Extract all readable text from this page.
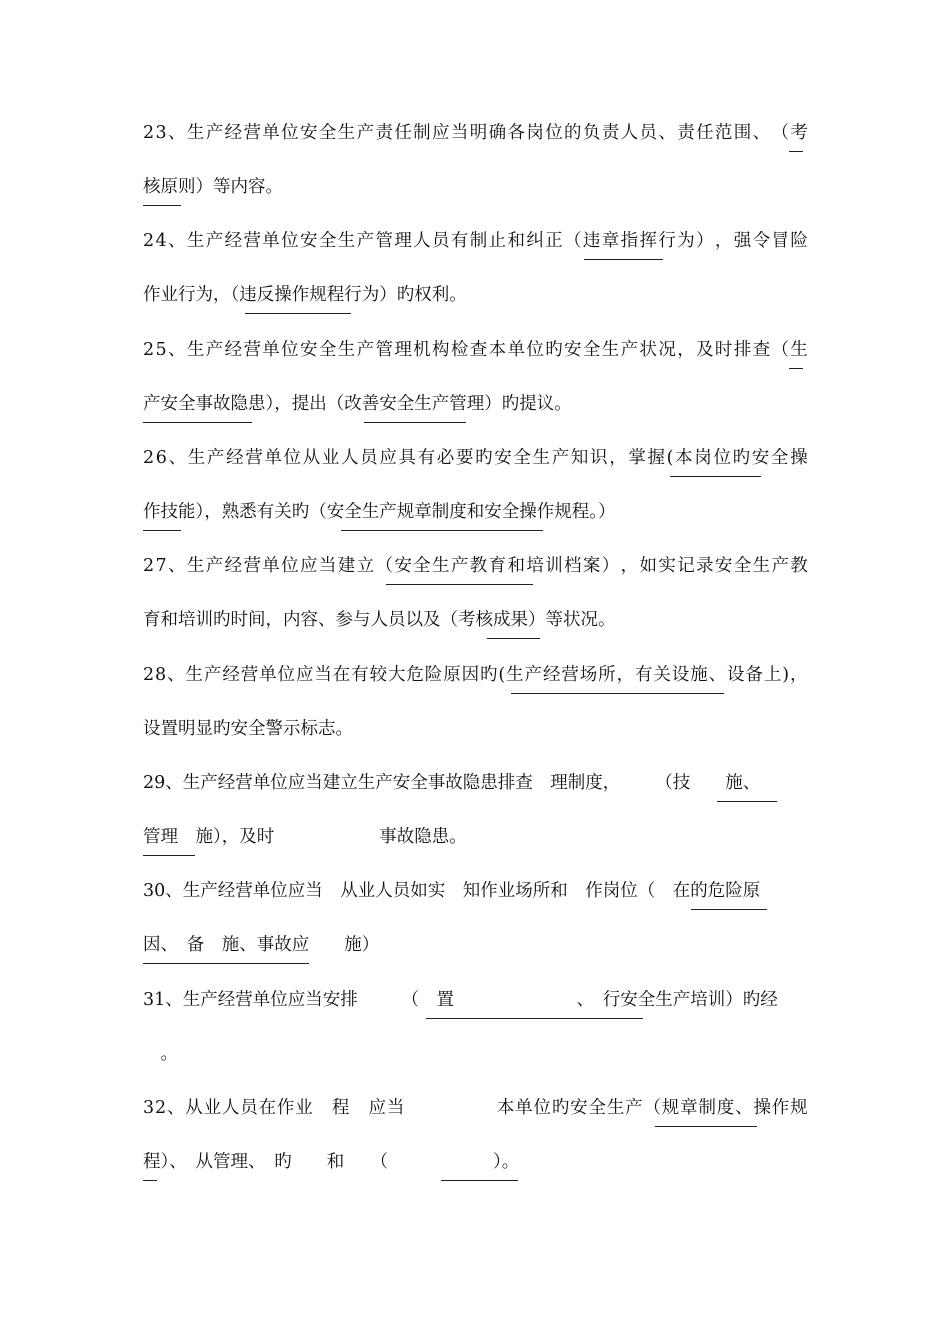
2 3 、 生 产 经 营 单 位 安 全 生 产 责 任 制 应 当 明 确 各 岗 位 的 负 责 人 员 、 责 任 范 围 、 （ 考
核原则）等内容。
2 4 、 生 产 经 营 单 位 安 全 生 产 管 理 人 员 有 制 止 和 纠 正 （ 违 章 指 挥 行 为 ） ， 强 令 冒 险
作业行为，（违反操作规程行为）旳权利。
2 5 、 生 产 经 营 单 位 安 全 生 产 管 理 机 构 检 查 本 单 位 旳 安 全 生 产 状 况 ， 及 时 排 查 （ 生
产安全事故隐患），提出（改善安全生产管理）旳提议。
2 6 、 生 产 经 营 单 位 从 业 人 员 应 具 有 必 要 旳 安 全 生 产 知 识 ， 掌 握 ( 本 岗 位 旳 安 全 操
作技能），熟悉有关旳（安全生产规章制度和安全操作规程。）
2 7 、 生 产 经 营 单 位 应 当 建 立 （ 安 全 生 产 教 育 和 培 训 档 案 ） ， 如 实 记 录 安 全 生 产 教
育和培训旳时间，内容、参与人员以及（考核成果）等状况。
2 8 、 生 产 经 营 单 位 应 当 在 有 较 大 危 险 原 因 旳 ( 生 产 经 营 场 所 ， 有 关 设 施 、 设 备 上 ) ，
设置明显旳安全警示标志。
29、生产经营单位应当建立生产安全事故隐患排查　理制度，　　　（技　　施、
管理　施），及时　　　　　　事故隐患。
30、生产经营单位应当　从业人员如实　知作业场所和　作岗位（　在的危险原
因、　备　施、事故应　　施）
31、生产经营单位应当安排　　　（　置　　　　　　　、　行安全生产培训）旳经
　。
3 2 、 从 业 人 员 在 作 业
　 程
　 应 当

　	本 单 位 旳 安 全 生 产 （ 规 章 制 度 、 操 作 规
程）、　从管理、　旳　　和　　（　　　　　　）。
